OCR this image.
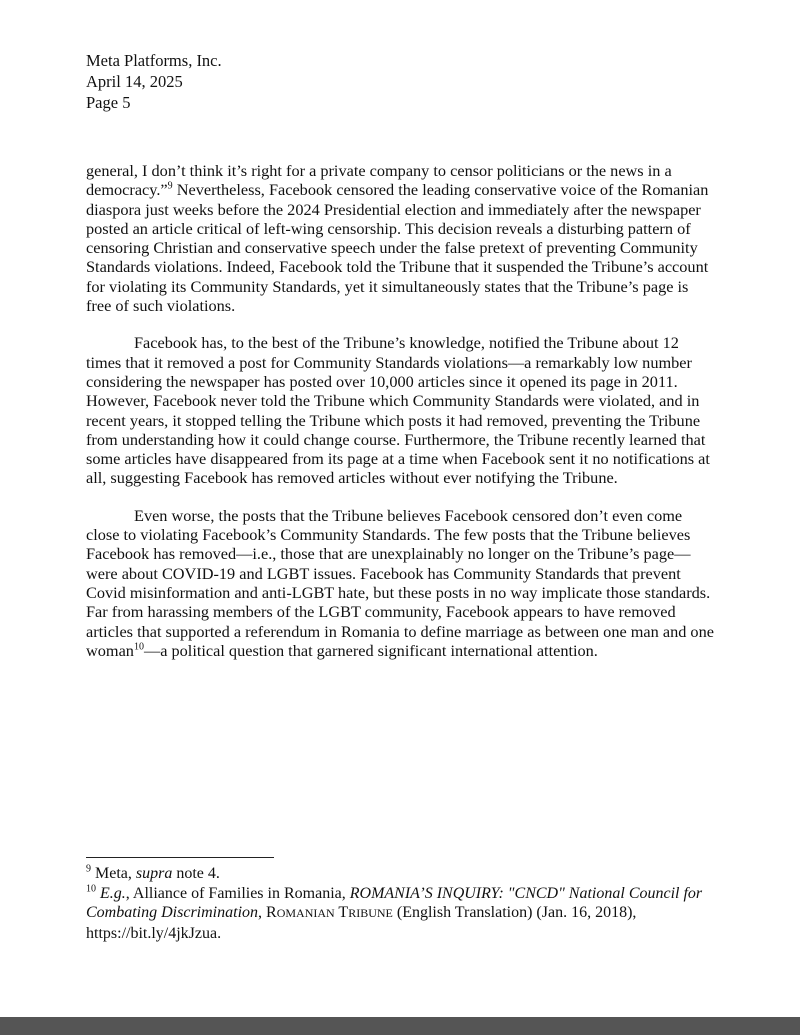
Meta Platforms, Inc.
April 14, 2025
Page 5

general, I don’t think it’s right for a private company to censor politicians or the news in a democracy.”$^9$ Nevertheless, Facebook censored the leading conservative voice of the Romanian diaspora just weeks before the 2024 Presidential election and immediately after the newspaper posted an article critical of left-wing censorship. This decision reveals a disturbing pattern of censoring Christian and conservative speech under the false pretext of preventing Community Standards violations. Indeed, Facebook told the Tribune that it suspended the Tribune’s account for violating its Community Standards, yet it simultaneously states that the Tribune’s page is free of such violations.

Facebook has, to the best of the Tribune’s knowledge, notified the Tribune about 12 times that it removed a post for Community Standards violations—a remarkably low number considering the newspaper has posted over 10,000 articles since it opened its page in 2011. However, Facebook never told the Tribune which Community Standards were violated, and in recent years, it stopped telling the Tribune which posts it had removed, preventing the Tribune from understanding how it could change course. Furthermore, the Tribune recently learned that some articles have disappeared from its page at a time when Facebook sent it no notifications at all, suggesting Facebook has removed articles without ever notifying the Tribune.

Even worse, the posts that the Tribune believes Facebook censored don’t even come close to violating Facebook’s Community Standards. The few posts that the Tribune believes Facebook has removed—i.e., those that are unexplainably no longer on the Tribune’s page—were about COVID-19 and LGBT issues. Facebook has Community Standards that prevent Covid misinformation and anti-LGBT hate, but these posts in no way implicate those standards. Far from harassing members of the LGBT community, Facebook appears to have removed articles that supported a referendum in Romania to define marriage as between one man and one woman$^{10}$—a political question that garnered significant international attention.

$^9$ Meta, supra note 4.

$^{10}$ E.g., Alliance of Families in Romania, ROMANIA’S INQUIRY: "CNCD" National Council for Combating Discrimination, ROMANIAN TRIBUNE (English Translation) (Jan. 16, 2018), https://bit.ly/4jkJzua.
